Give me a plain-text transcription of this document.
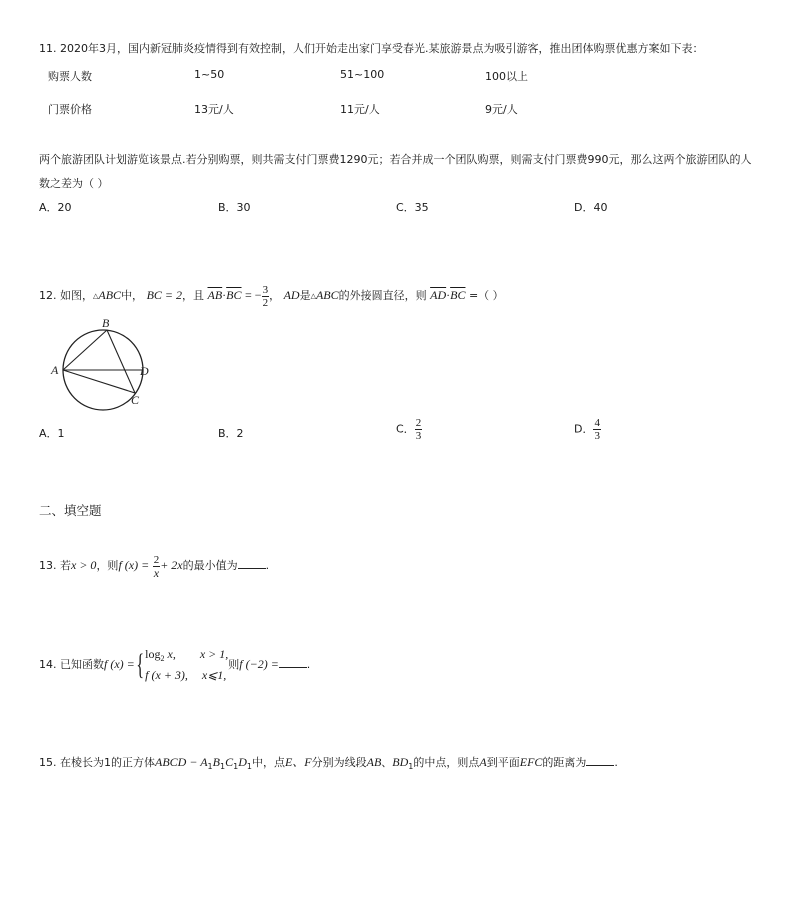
11. 2020年3月，国内新冠肺炎疫情得到有效控制，人们开始走出家门享受春光.某旅游景点为吸引游客，推出团体购票优惠方案如下表：
购票人数	1~50	51~100	100以上
门票价格	13元/人	11元/人	9元/人
两个旅游团队计划游览该景点.若分别购票，则共需支付门票费1290元；若合并成一个团队购票，则需支付门票费990元，那么这两个旅游团队的人
数之差为（ ）
A．20	B．30	C．35	D．40
12. 如图，△ABC中， BC = 2，且 $\overline{AB}\cdot\overline{BC}$ = − $\frac{3}{2}$ ， AD是△ABC的外接圆直径，则 $\overline{AD}\cdot\overline{BC}$ =（ ）
B
A	D
C
A．1	B．2	C． $\frac{2}{3}$	D． $\frac{4}{3}$
二、填空题
13. 若x > 0，则f $(x) = \frac{2}{x} + 2x$的最小值为	.
14. 已知函数f (x) ={ $\log_2 x$, x > 1,
f (x + 3), x⩽1,
则f (−2) =	.
15. 在棱长为1的正方体ABCD − $A_1B_1C_1D_1$中，点E、F分别为线段AB、$BD_1$的中点，则点A到平面EFC的距离为	.
